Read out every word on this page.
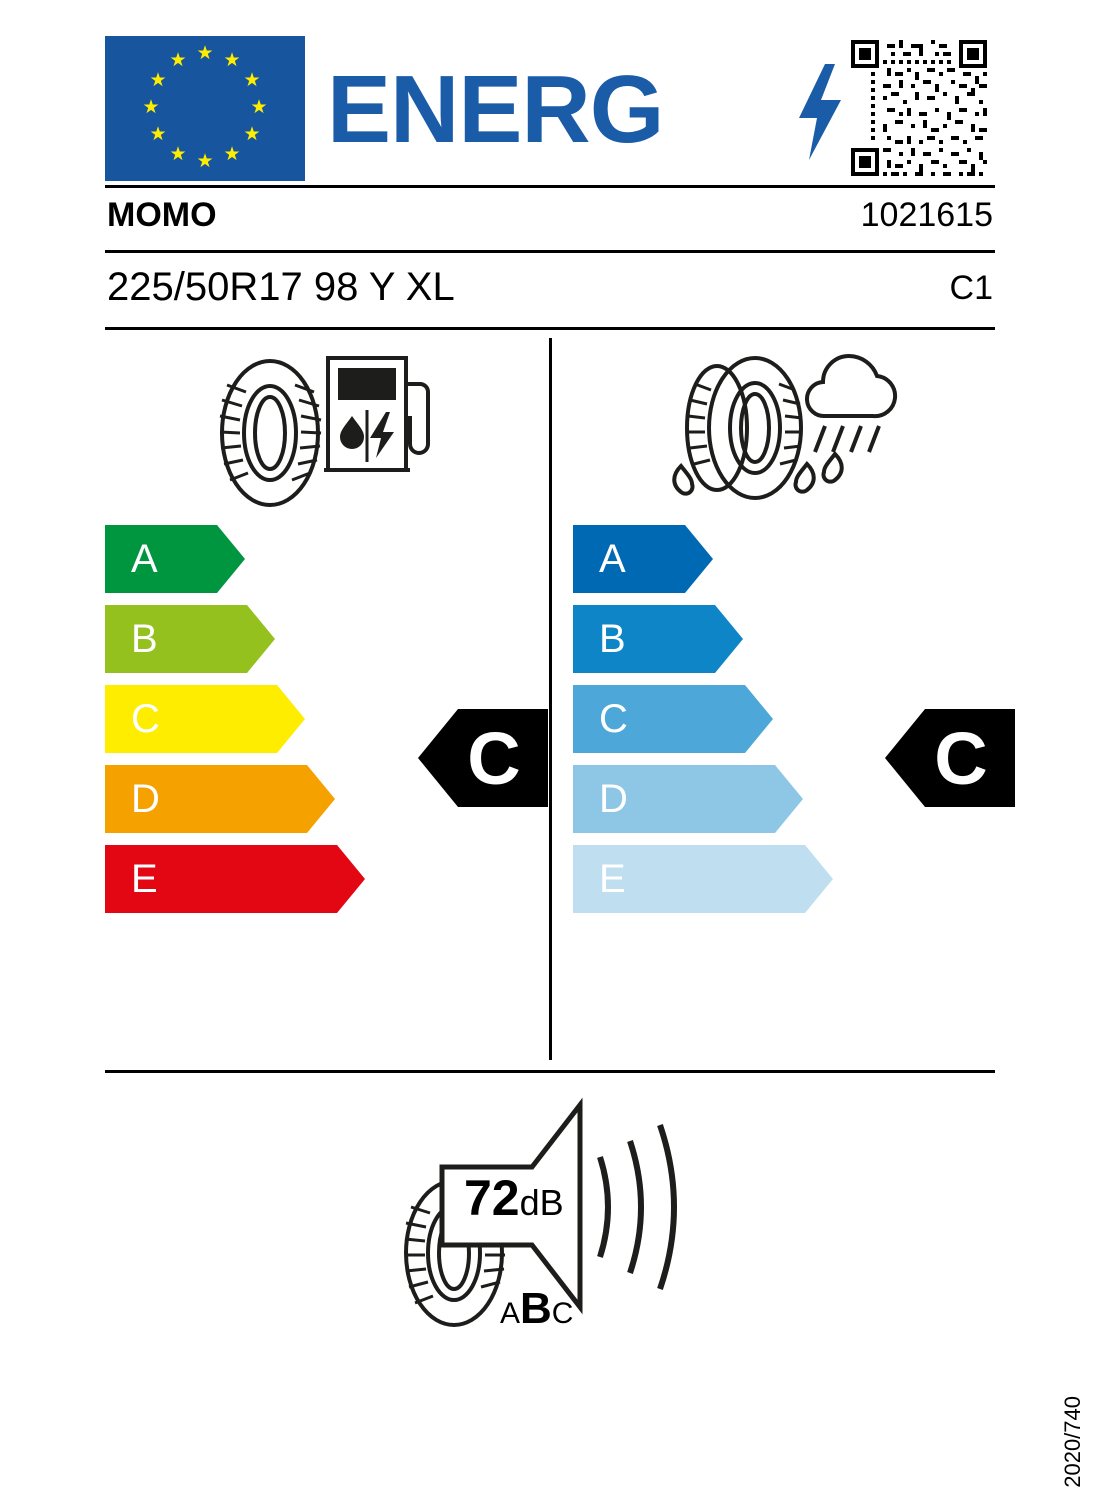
★ ★
★
★
★
★
★
★
★
★
★
★ ENERG
MOMO	1021615
225/50R17 98 Y XL	C1
A
B
C
D
E
A
B
C
D
E
C	C
72dB
ABC
2020/740
